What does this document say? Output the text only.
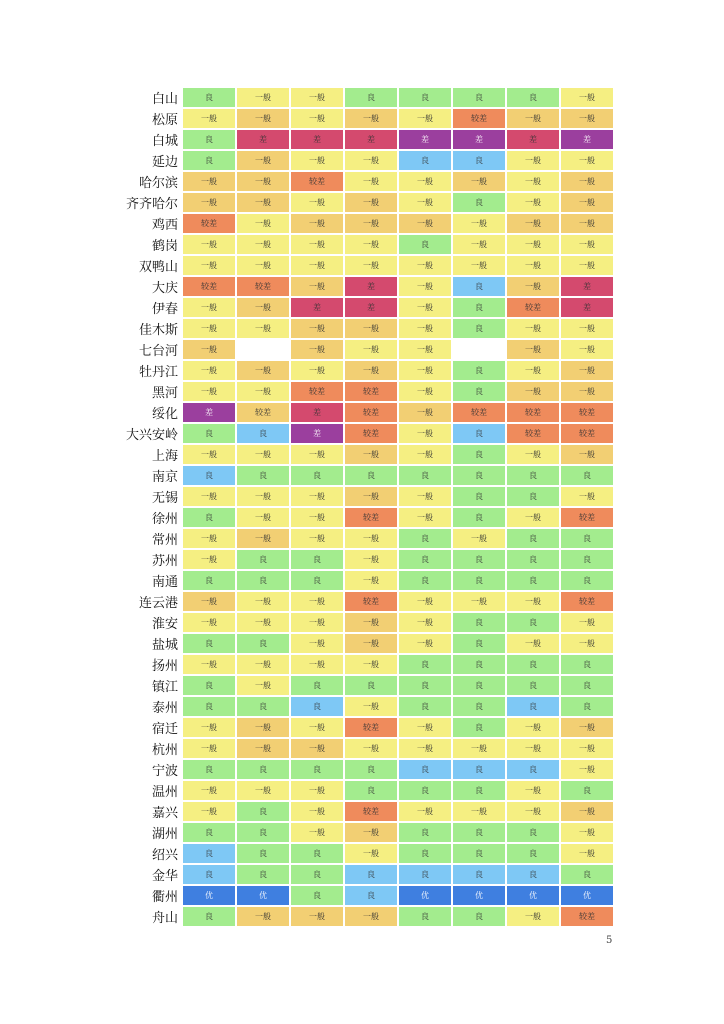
白山	良	一般	一般	良	良	良	良	一般
松原	一般	一般	一般	一般	一般	较差	一般	一般
白城	良	差	差	差	差	差	差	差
延边	良	一般	一般	一般	良	良	一般	一般
哈尔滨	一般	一般	较差	一般	一般	一般	一般	一般
齐齐哈尔	一般	一般	一般	一般	一般	良	一般	一般
鸡西	较差	一般	一般	一般	一般	一般	一般	一般
鹤岗	一般	一般	一般	一般	良	一般	一般	一般
双鸭山	一般	一般	一般	一般	一般	一般	一般	一般
大庆	较差	较差	一般	差	一般	良	一般	差
伊春	一般	一般	差	差	一般	良	较差	差
佳木斯	一般	一般	一般	一般	一般	良	一般	一般
七台河	一般		一般	一般	一般		一般	一般
牡丹江	一般	一般	一般	一般	一般	良	一般	一般
黑河	一般	一般	较差	较差	一般	良	一般	一般
绥化	差	较差	差	较差	一般	较差	较差	较差
大兴安岭	良	良	差	较差	一般	良	较差	较差
上海	一般	一般	一般	一般	一般	良	一般	一般
南京	良	良	良	良	良	良	良	良
无锡	一般	一般	一般	一般	一般	良	良	一般
徐州	良	一般	一般	较差	一般	良	一般	较差
常州	一般	一般	一般	一般	良	一般	良	良
苏州	一般	良	良	一般	良	良	良	良
南通	良	良	良	一般	良	良	良	良
连云港	一般	一般	一般	较差	一般	一般	一般	较差
淮安	一般	一般	一般	一般	一般	良	良	一般
盐城	良	良	一般	一般	一般	良	一般	一般
扬州	一般	一般	一般	一般	良	良	良	良
镇江	良	一般	良	良	良	良	良	良
泰州	良	良	良	一般	良	良	良	良
宿迁	一般	一般	一般	较差	一般	良	一般	一般
杭州	一般	一般	一般	一般	一般	一般	一般	一般
宁波	良	良	良	良	良	良	良	一般
温州	一般	一般	一般	良	良	良	一般	良
嘉兴	一般	良	一般	较差	一般	一般	一般	一般
湖州	良	良	一般	一般	良	良	良	一般
绍兴	良	良	良	一般	良	良	良	一般
金华	良	良	良	良	良	良	良	良
衢州	优	优	良	良	优	优	优	优
舟山	良	一般	一般	一般	良	良	一般	较差
5
